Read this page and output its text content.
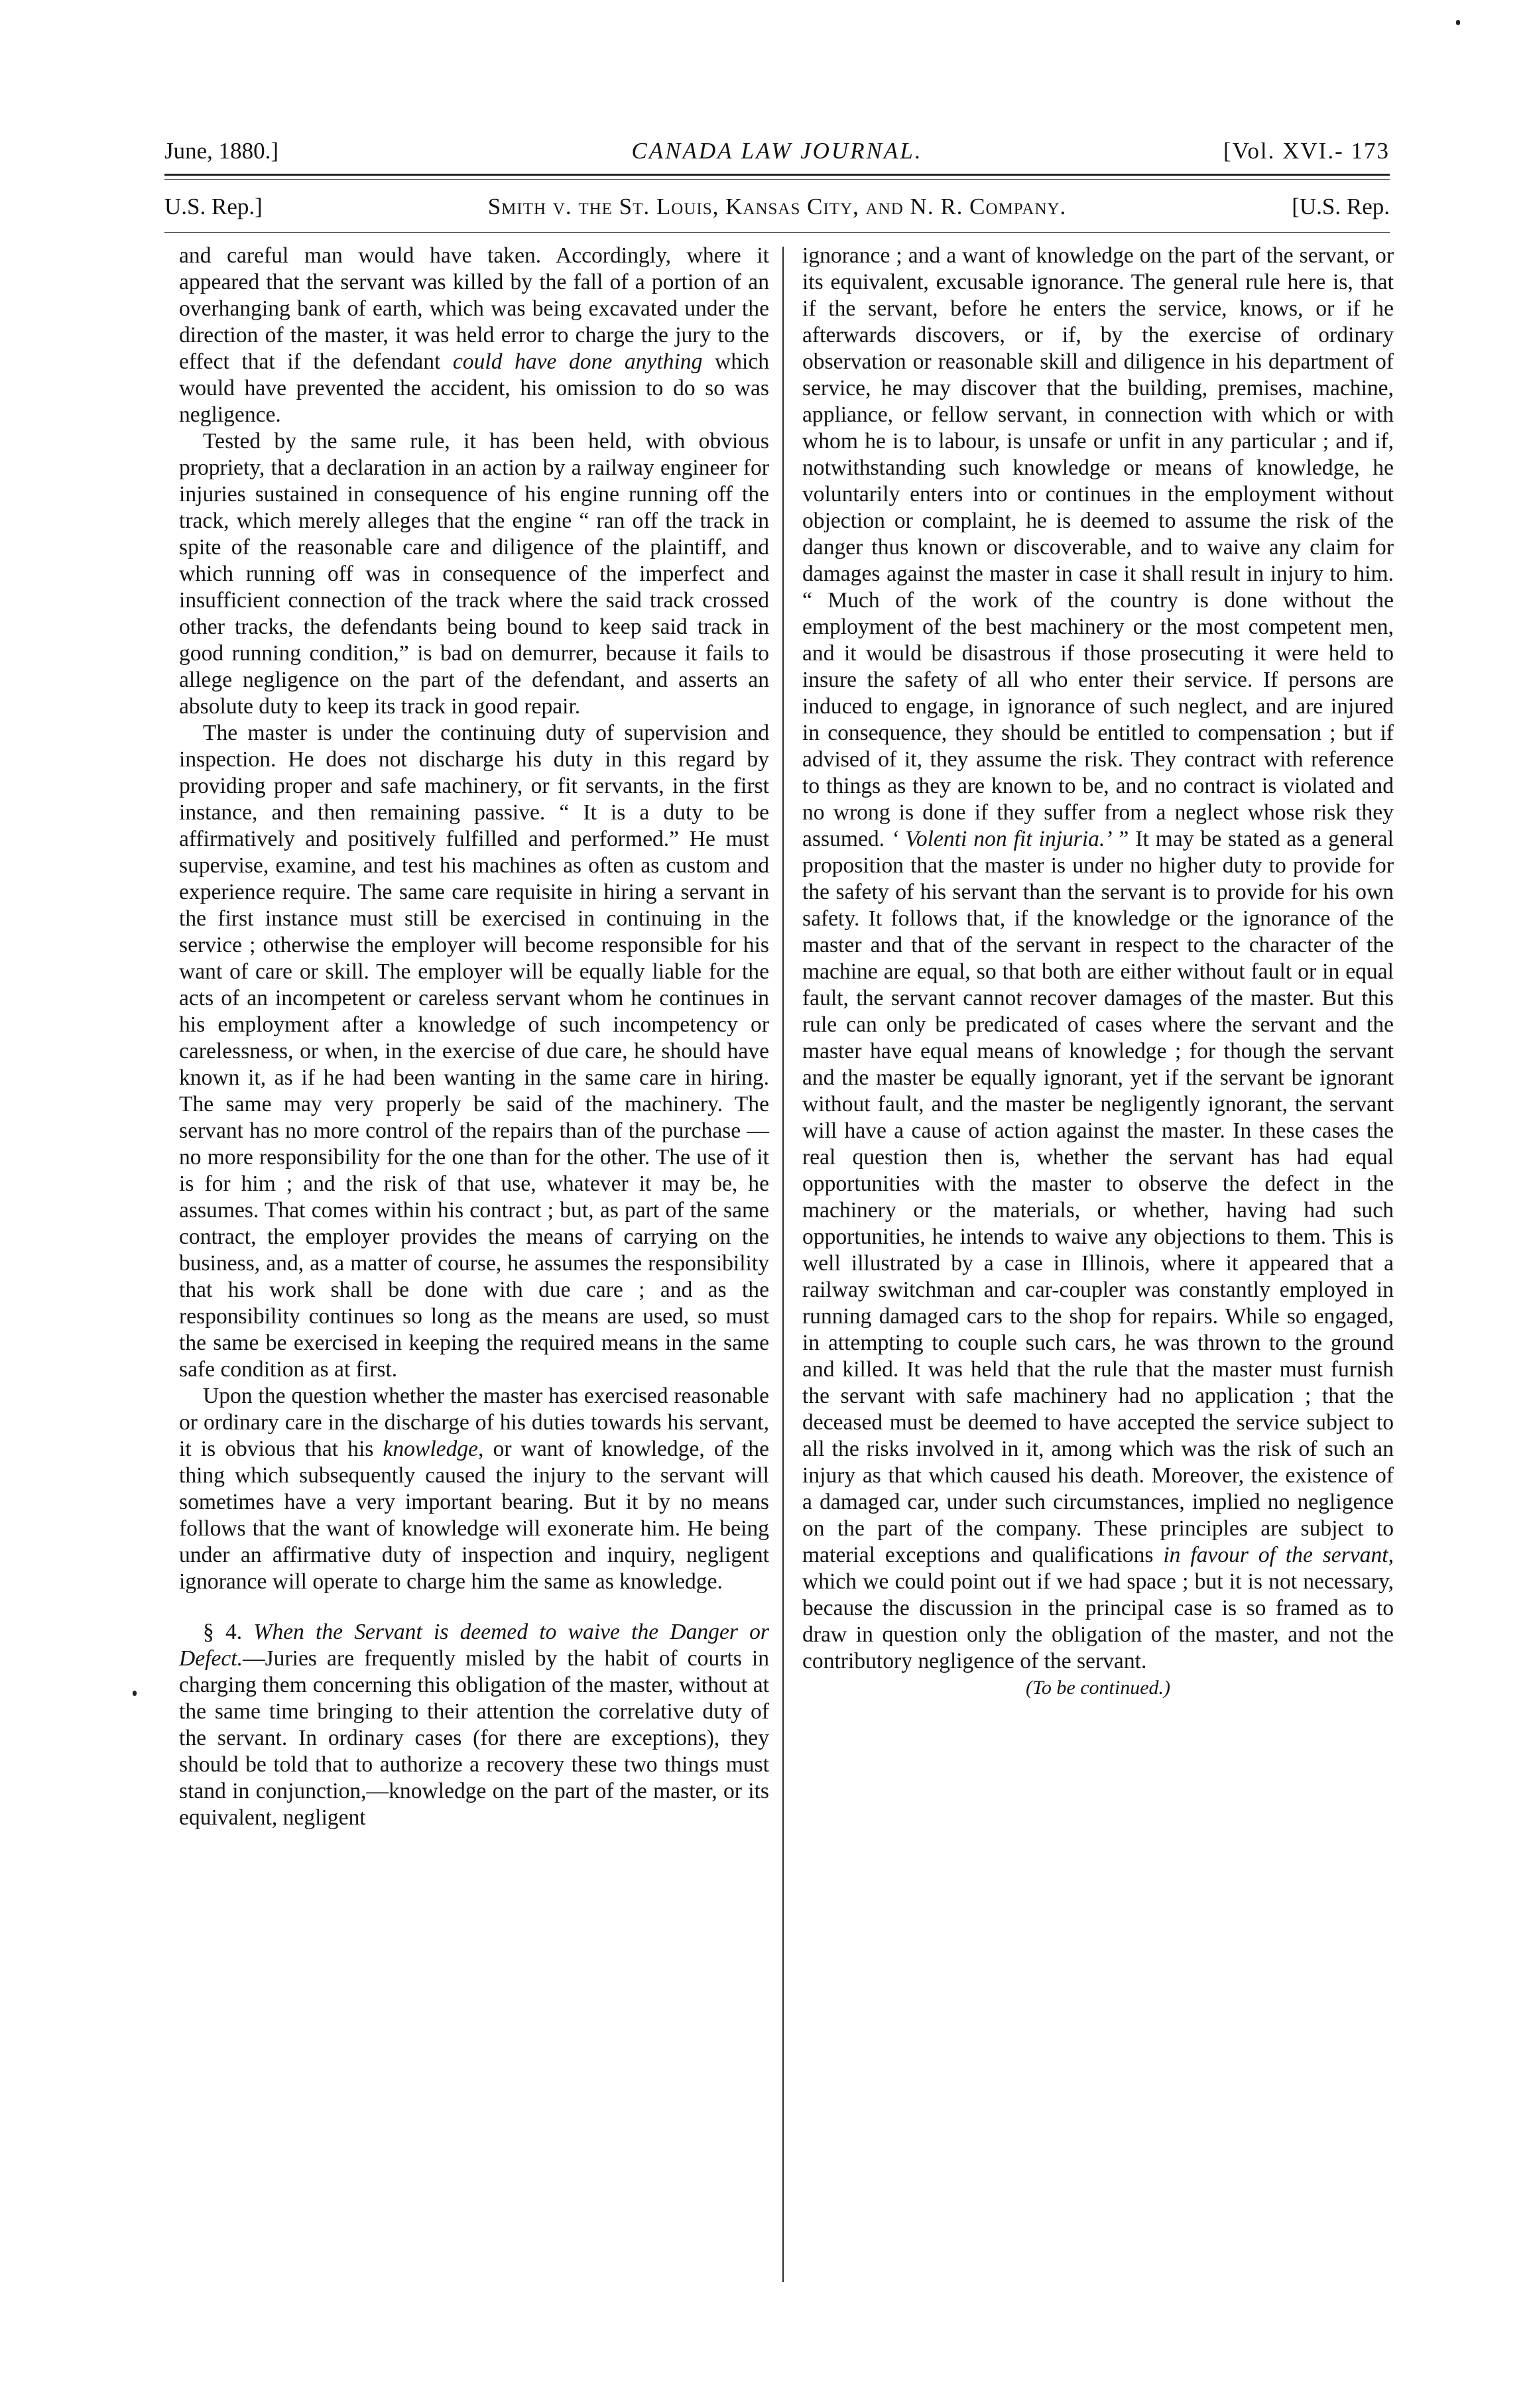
June, 1880.]	CANADA LAW JOURNAL.	[Vol. XVI.- 173
U.S. Rep.]	Smith v. the St. Louis, Kansas City, and N. R. Company.	[U.S. Rep.

and careful man would have taken. Accordingly, where it appeared that the servant was killed by the fall of a portion of an overhanging bank of earth, which was being excavated under the direction of the master, it was held error to charge the jury to the effect that if the defendant could have done anything which would have prevented the accident, his omission to do so was negligence.

Tested by the same rule, it has been held, with obvious propriety, that a declaration in an action by a railway engineer for injuries sustained in consequence of his engine running off the track, which merely alleges that the engine “ ran off the track in spite of the reasonable care and diligence of the plaintiff, and which running off was in consequence of the imperfect and insufficient connection of the track where the said track crossed other tracks, the defendants being bound to keep said track in good running condition,” is bad on demurrer, because it fails to allege negligence on the part of the defendant, and asserts an absolute duty to keep its track in good repair.

The master is under the continuing duty of supervision and inspection. He does not discharge his duty in this regard by providing proper and safe machinery, or fit servants, in the first instance, and then remaining passive. “ It is a duty to be affirmatively and positively fulfilled and performed.” He must supervise, examine, and test his machines as often as custom and experience require. The same care requisite in hiring a servant in the first instance must still be exercised in continuing in the service ; otherwise the employer will become responsible for his want of care or skill. The employer will be equally liable for the acts of an incompetent or careless servant whom he continues in his employment after a knowledge of such incompetency or carelessness, or when, in the exercise of due care, he should have known it, as if he had been wanting in the same care in hiring. The same may very properly be said of the machinery. The servant has no more control of the repairs than of the purchase —no more responsibility for the one than for the other. The use of it is for him ; and the risk of that use, whatever it may be, he assumes. That comes within his contract ; but, as part of the same contract, the employer provides the means of carrying on the business, and, as a matter of course, he assumes the responsibility that his work shall be done with due care ; and as the responsibility continues so long as the means are used, so must the same be exercised in keeping the required means in the same safe condition as at first.

Upon the question whether the master has exercised reasonable or ordinary care in the discharge of his duties towards his servant, it is obvious that his knowledge, or want of knowledge, of the thing which subsequently caused the injury to the servant will sometimes have a very important bearing. But it by no means follows that the want of knowledge will exonerate him. He being under an affirmative duty of inspection and inquiry, negligent ignorance will operate to charge him the same as knowledge.

§ 4. When the Servant is deemed to waive the Danger or Defect.—Juries are frequently misled by the habit of courts in charging them concerning this obligation of the master, without at the same time bringing to their attention the correlative duty of the servant. In ordinary cases (for there are exceptions), they should be told that to authorize a recovery these two things must stand in conjunction,—knowledge on the part of the master, or its equivalent, negligent

ignorance ; and a want of knowledge on the part of the servant, or its equivalent, excusable ignorance. The general rule here is, that if the servant, before he enters the service, knows, or if he afterwards discovers, or if, by the exercise of ordinary observation or reasonable skill and diligence in his department of service, he may discover that the building, premises, machine, appliance, or fellow servant, in connection with which or with whom he is to labour, is unsafe or unfit in any particular ; and if, notwithstanding such knowledge or means of knowledge, he voluntarily enters into or continues in the employment without objection or complaint, he is deemed to assume the risk of the danger thus known or discoverable, and to waive any claim for damages against the master in case it shall result in injury to him. “ Much of the work of the country is done without the employment of the best machinery or the most competent men, and it would be disastrous if those prosecuting it were held to insure the safety of all who enter their service. If persons are induced to engage, in ignorance of such neglect, and are injured in consequence, they should be entitled to compensation ; but if advised of it, they assume the risk. They contract with reference to things as they are known to be, and no contract is violated and no wrong is done if they suffer from a neglect whose risk they assumed. ‘ Volenti non fit injuria.’ ” It may be stated as a general proposition that the master is under no higher duty to provide for the safety of his servant than the servant is to provide for his own safety. It follows that, if the knowledge or the ignorance of the master and that of the servant in respect to the character of the machine are equal, so that both are either without fault or in equal fault, the servant cannot recover damages of the master. But this rule can only be predicated of cases where the servant and the master have equal means of knowledge ; for though the servant and the master be equally ignorant, yet if the servant be ignorant without fault, and the master be negligently ignorant, the servant will have a cause of action against the master. In these cases the real question then is, whether the servant has had equal opportunities with the master to observe the defect in the machinery or the materials, or whether, having had such opportunities, he intends to waive any objections to them. This is well illustrated by a case in Illinois, where it appeared that a railway switchman and car-coupler was constantly employed in running damaged cars to the shop for repairs. While so engaged, in attempting to couple such cars, he was thrown to the ground and killed. It was held that the rule that the master must furnish the servant with safe machinery had no application ; that the deceased must be deemed to have accepted the service subject to all the risks involved in it, among which was the risk of such an injury as that which caused his death. Moreover, the existence of a damaged car, under such circumstances, implied no negligence on the part of the company. These principles are subject to material exceptions and qualifications in favour of the servant, which we could point out if we had space ; but it is not necessary, because the discussion in the principal case is so framed as to draw in question only the obligation of the master, and not the contributory negligence of the servant.

(To be continued.)
